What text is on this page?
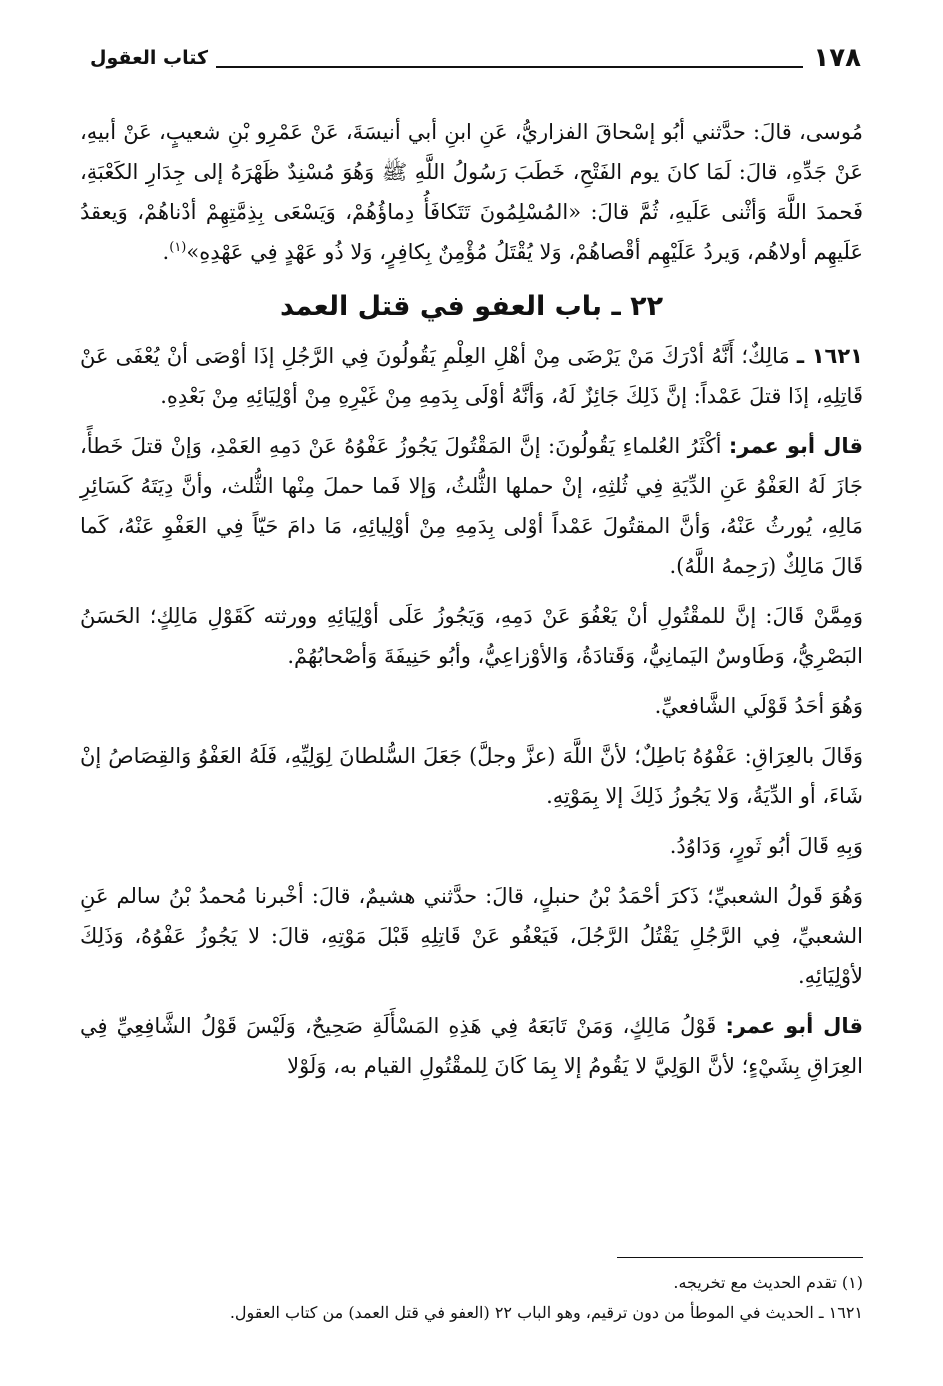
١٧٨
كتاب العقول

مُوسى، قالَ: حدَّثني أبُو إسْحاقَ الفزاريُّ، عَنِ ابنِ أبي أنيسَةَ، عَنْ عَمْرِو بْنِ شعيبٍ، عَنْ أبيهِ، عَنْ جَدِّهِ، قالَ: لَمَا كانَ يوم الفَتْحِ، خَطَبَ رَسُولُ اللَّهِ ﷺ وَهُوَ مُسْنِدٌ ظَهْرَهُ إلى جِدَارِ الكَعْبَةِ، فَحمدَ اللَّهَ وَأثْنى عَلَيهِ، ثُمَّ قالَ: «المُسْلِمُونَ تَتَكافَأُ دِماؤُهُمْ، وَيَسْعَى بِذِمَّتِهِمْ أدْناهُمْ، وَيعقدُ عَلَيهِم أولاهُم، وَيردُ عَلَيْهِم أقْصاهُمْ، وَلا يُقْتَلُ مُؤْمِنٌ بِكافِرٍ، وَلا ذُو عَهْدٍ فِي عَهْدِهِ»$^{(١)}$.

٢٢ ـ باب العفو في قتل العمد

١٦٢١ ـ مَالِكٌ؛ أَنَّهُ أدْرَكَ مَنْ يَرْضَى مِنْ أهْلِ العِلْمِ يَقُولُونَ فِي الرَّجُلِ إذَا أوْصَى أنْ يُعْفَى عَنْ قَاتِلِهِ، إذَا قتلَ عَمْداً: إنَّ ذَلِكَ جَائِزٌ لَهُ، وَأنَّهُ أوْلَى بِدَمِهِ مِنْ غَيْرِهِ مِنْ أوْلِيَائِهِ مِنْ بَعْدِهِ.

قال أبو عمر: أكْثَرُ العُلماءِ يَقُولُونَ: إنَّ المَقْتُولَ يَجُوزُ عَفْوُهُ عَنْ دَمِهِ العَمْدِ، وَإنْ قتلَ خَطأً، جَازَ لَهُ العَفْوُ عَنِ الدِّيَةِ فِي ثُلثِهِ، إنْ حملها الثُّلثُ، وَإلا فَما حملَ مِنْها الثُّلث، وأنَّ دِيَتَهُ كَسَائِرِ مَالِهِ، يُورثُ عَنْهُ، وَأنَّ المقتُولَ عَمْداً أوْلى بِدَمِهِ مِنْ أوْلِيائِهِ، مَا دامَ حَيّاً فِي العَفْوِ عَنْهُ، كَما قَالَ مَالِكٌ (رَحِمهُ اللَّهُ).

وَمِمَّنْ قَالَ: إنَّ للمقْتُولِ أنْ يَعْفُوَ عَنْ دَمِهِ، وَيَجُوزُ عَلَى أوْلِيَائِهِ وورثته كَقَوْلِ مَالِكٍ؛ الحَسَنُ البَصْرِيُّ، وَطَاوسٌ اليَمانِيُّ، وَقَتادَةُ، وَالأوْزاعِيُّ، وأبُو حَنِيفَةَ وَأصْحابُهُمْ.

وَهُوَ أحَدُ قَوْلَي الشَّافعيِّ.

وَقَالَ بالعِرَاقِ: عَفْوُهُ بَاطِلٌ؛ لأنَّ اللَّهَ (عزَّ وجلَّ) جَعَلَ السُّلطانَ لِوَلِيِّهِ، فَلَهُ العَفْوُ وَالقِصَاصُ إنْ شَاءَ، أو الدِّيَةُ، وَلا يَجُوزُ ذَلِكَ إلا بِمَوْتِهِ.

وَبِهِ قَالَ أبُو ثَورٍ، وَدَاوُدُ.

وَهُوَ قَولُ الشعبيِّ؛ ذَكرَ أحْمَدُ بْنُ حنبلٍ، قالَ: حدَّثني هشيمٌ، قالَ: أخْبرنا مُحمدُ بْنُ سالم عَنِ الشعبيِّ، فِي الرَّجُلِ يَقْتُلُ الرَّجُلَ، فَيَعْفُو عَنْ قَاتِلِهِ قَبْلَ مَوْتِهِ، قالَ: لا يَجُوزُ عَفْوُهُ، وَذَلِكَ لأوْلِيَائِهِ.

قال أبو عمر: قَوْلُ مَالِكٍ، وَمَنْ تَابَعَهُ فِي هَذِهِ المَسْأَلَةِ صَحِيحٌ، وَلَيْسَ قَوْلُ الشَّافِعِيِّ فِي العِرَاقِ بِشَيْءٍ؛ لأنَّ الوَلِيَّ لا يَقُومُ إلا بِمَا كَانَ لِلمقْتُولِ القيام به، وَلَوْلا

(١) تقدم الحديث مع تخريجه.
١٦٢١ ـ الحديث في الموطأ من دون ترقيم، وهو الباب ٢٢ (العفو في قتل العمد) من كتاب العقول.
